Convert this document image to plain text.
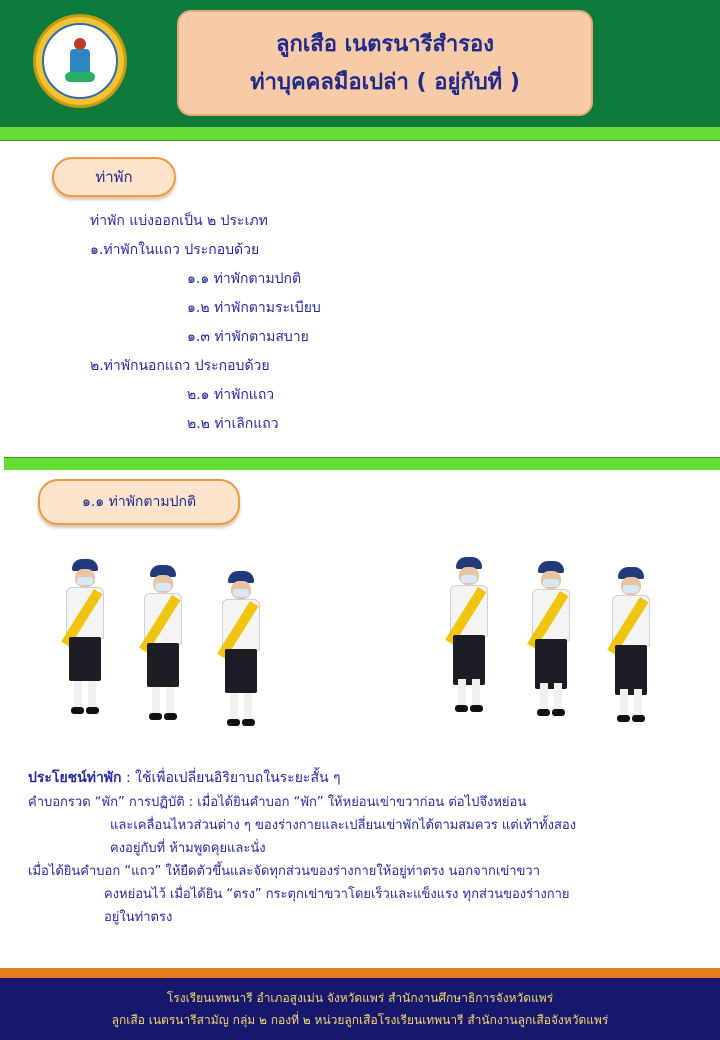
ลูกเสือ เนตรนารีสำรอง
ท่าบุคคลมือเปล่า ( อยู่กับที่ )
ท่าพัก
ท่าพัก แบ่งออกเป็น ๒ ประเภท
๑.ท่าพักในแถว ประกอบด้วย
๑.๑ ท่าพักตามปกติ
๑.๒ ท่าพักตามระเบียบ
๑.๓ ท่าพักตามสบาย
๒.ท่าพักนอกแถว ประกอบด้วย
๒.๑ ท่าพักแถว
๒.๒ ท่าเลิกแถว
๑.๑ ท่าพักตามปกติ
ประโยชน์ท่าพัก : ใช้เพื่อเปลี่ยนอิริยาบถในระยะสั้น ๆ
คำบอกรวด “พัก” การปฏิบัติ : เมื่อได้ยินคำบอก “พัก” ให้หย่อนเข่าขวาก่อน ต่อไปจึงหย่อน
และเคลื่อนไหวส่วนต่าง ๆ ของร่างกายและเปลี่ยนเข่าพักได้ตามสมควร แต่เท้าทั้งสอง
คงอยู่กับที่ ห้ามพูดคุยและนั่ง
เมื่อได้ยินคำบอก “แถว” ให้ยืดตัวขึ้นและจัดทุกส่วนของร่างกายให้อยู่ท่าตรง นอกจากเข่าขวา
คงหย่อนไว้ เมื่อได้ยิน “ตรง” กระตุกเข่าขวาโดยเร็วและแข็งแรง ทุกส่วนของร่างกาย
อยู่ในท่าตรง
โรงเรียนเทพนารี อำเภอสูงเม่น จังหวัดแพร่ สำนักงานศึกษาธิการจังหวัดแพร่
ลูกเสือ เนตรนารีสามัญ กลุ่ม ๒ กองที่ ๒ หน่วยลูกเสือโรงเรียนเทพนารี สำนักงานลูกเสือจังหวัดแพร่
